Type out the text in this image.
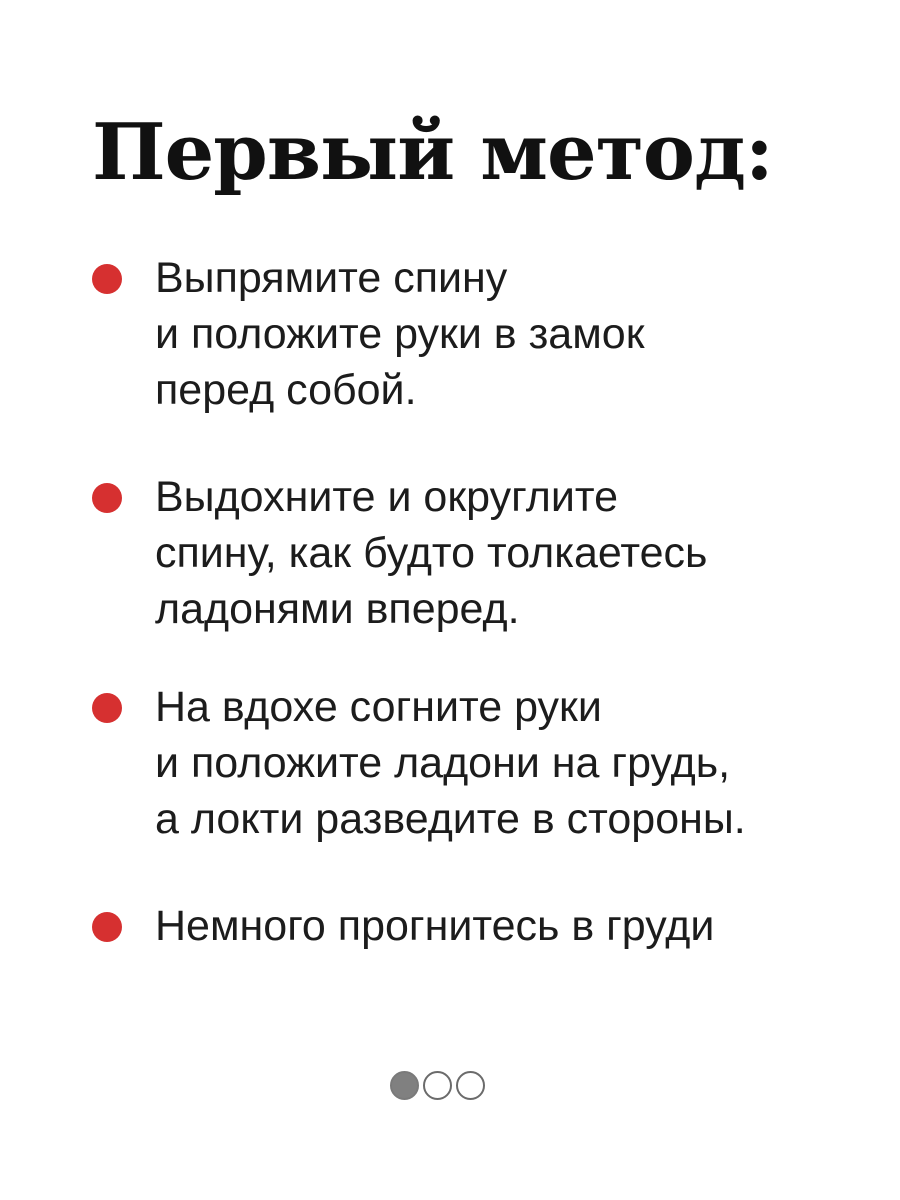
Первый метод:
Выпрямите спину
и положите руки в замок
перед собой.
Выдохните и округлите
спину, как будто толкаетесь
ладонями вперед.
На вдохе согните руки
и положите ладони на грудь,
а локти разведите в стороны.
Немного прогнитесь в груди
